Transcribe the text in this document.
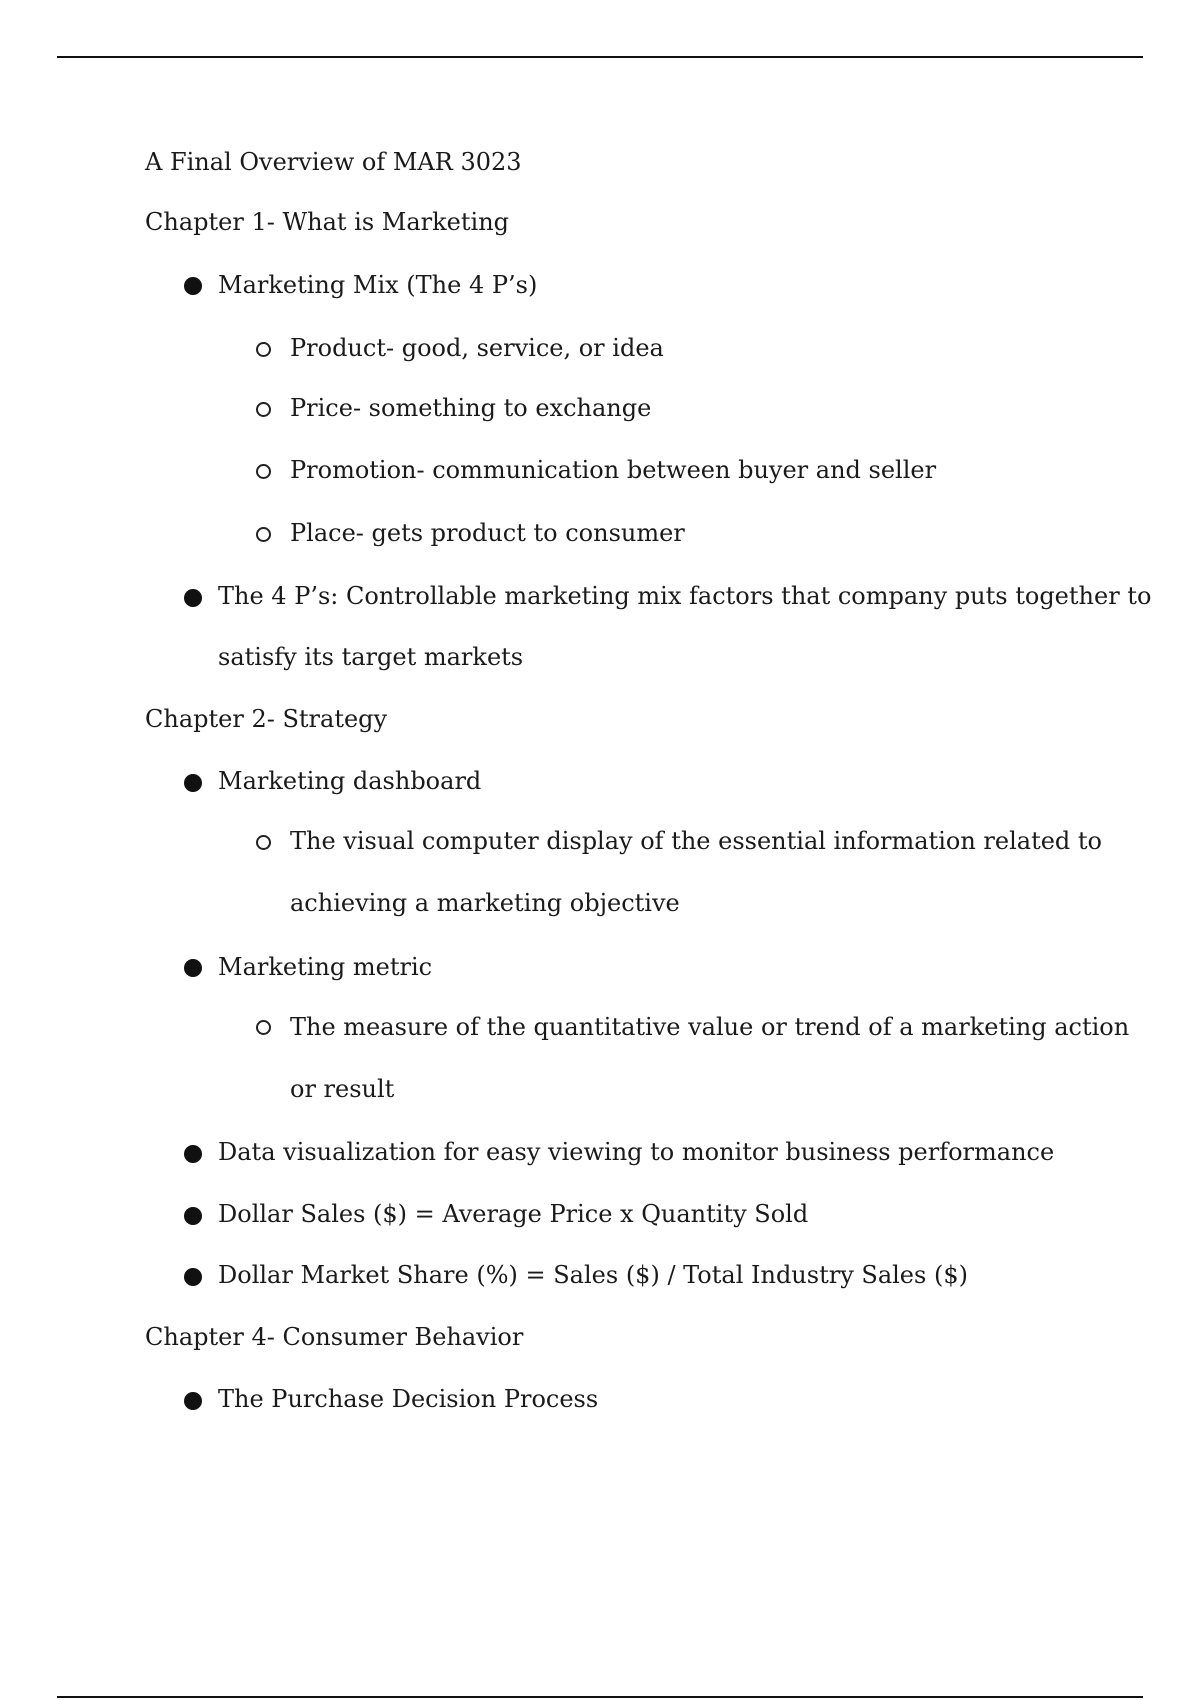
A Final Overview of MAR 3023
Chapter 1- What is Marketing
Marketing Mix (The 4 P’s)
Product- good, service, or idea
Price- something to exchange
Promotion- communication between buyer and seller
Place- gets product to consumer
The 4 P’s: Controllable marketing mix factors that company puts together to
satisfy its target markets
Chapter 2- Strategy
Marketing dashboard
The visual computer display of the essential information related to
achieving a marketing objective
Marketing metric
The measure of the quantitative value or trend of a marketing action
or result
Data visualization for easy viewing to monitor business performance
Dollar Sales ($) = Average Price x Quantity Sold
Dollar Market Share (%) = Sales ($) / Total Industry Sales ($)
Chapter 4- Consumer Behavior
The Purchase Decision Process
